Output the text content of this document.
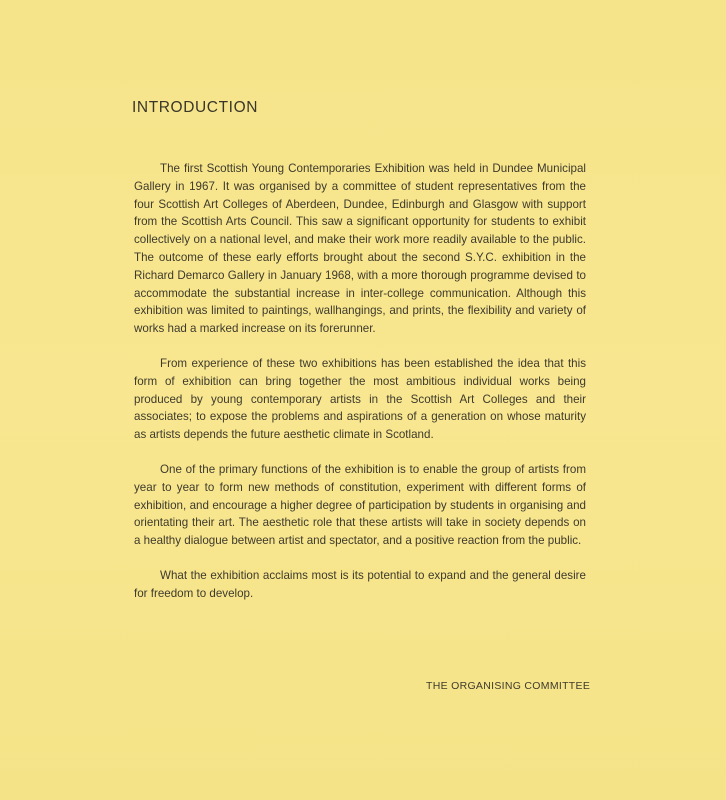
INTRODUCTION

The first Scottish Young Contemporaries Exhibition was held in Dundee Municipal Gallery in 1967. It was organised by a committee of student representatives from the four Scottish Art Colleges of Aberdeen, Dundee, Edinburgh and Glasgow with support from the Scottish Arts Council. This saw a significant opportunity for students to exhibit collectively on a national level, and make their work more readily available to the public. The outcome of these early efforts brought about the second S.Y.C. exhibition in the Richard Demarco Gallery in January 1968, with a more thorough programme devised to accommodate the substantial increase in inter-college communication. Although this exhibition was limited to paintings, wallhangings, and prints, the flexibility and variety of works had a marked increase on its forerunner.

From experience of these two exhibitions has been established the idea that this form of exhibition can bring together the most ambitious individual works being produced by young contemporary artists in the Scottish Art Colleges and their associates; to expose the problems and aspirations of a generation on whose maturity as artists depends the future aesthetic climate in Scotland.

One of the primary functions of the exhibition is to enable the group of artists from year to year to form new methods of constitution, experiment with different forms of exhibition, and encourage a higher degree of participation by students in organising and orientating their art. The aesthetic role that these artists will take in society depends on a healthy dialogue between artist and spectator, and a positive reaction from the public.

What the exhibition acclaims most is its potential to expand and the general desire for freedom to develop.

THE ORGANISING COMMITTEE
